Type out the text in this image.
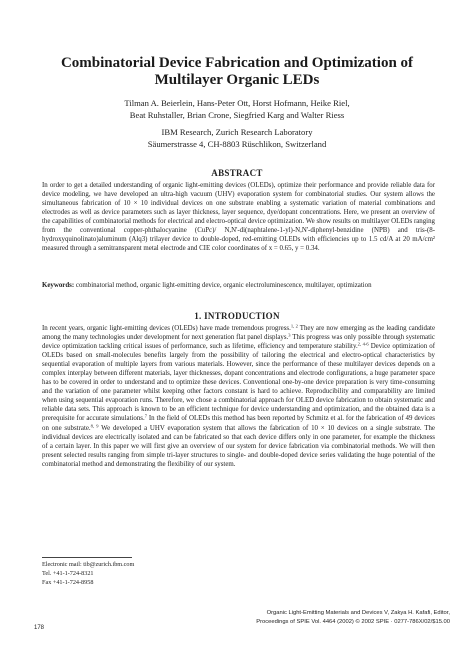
Combinatorial Device Fabrication and Optimization of
Multilayer Organic LEDs
Tilman A. Beierlein, Hans-Peter Ott, Horst Hofmann, Heike Riel,
Beat Ruhstaller, Brian Crone, Siegfried Karg and Walter Riess
IBM Research, Zurich Research Laboratory
Säumerstrasse 4, CH-8803 Rüschlikon, Switzerland
ABSTRACT
In order to get a detailed understanding of organic light-emitting devices (OLEDs), optimize their performance and provide reliable data for device modeling, we have developed an ultra-high vacuum (UHV) evaporation system for combinatorial studies. Our system allows the simultaneous fabrication of 10 × 10 individual devices on one substrate enabling a systematic variation of material combinations and electrodes as well as device parameters such as layer thickness, layer sequence, dye/dopant concentrations. Here, we present an overview of the capabilities of combinatorial methods for electrical and electro-optical device optimization. We show results on multilayer OLEDs ranging from the conventional copper-phthalocyanine (CuPc)/ N,N'-di(naphtalene-1-yl)-N,N'-diphenyl-benzidine (NPB) and tris-(8-hydroxyquinolinato)aluminum (Alq3) trilayer device to double-doped, red-emitting OLEDs with efficiencies up to 1.5 cd/A at 20 mA/cm² measured through a semitransparent metal electrode and CIE color coordinates of x = 0.65, y = 0.34.
Keywords: combinatorial method, organic light-emitting device, organic electroluminescence, multilayer, optimization
1. INTRODUCTION
In recent years, organic light-emitting devices (OLEDs) have made tremendous progress.$^{1, 2}$ They are now emerging as the leading candidate among the many technologies under development for next generation flat panel displays.$^3$ This progress was only possible through systematic device optimization tackling critical issues of performance, such as lifetime, efficiency and temperature stability.$^{2, 4-6}$ Device optimization of OLEDs based on small-molecules benefits largely from the possibility of tailoring the electrical and electro-optical characteristics by sequential evaporation of multiple layers from various materials. However, since the performance of these multilayer devices depends on a complex interplay between different materials, layer thicknesses, dopant concentrations and electrode configurations, a huge parameter space has to be covered in order to understand and to optimize these devices. Conventional one-by-one device preparation is very time-consuming and the variation of one parameter whilst keeping other factors constant is hard to achieve. Reproducibility and comparability are limited when using sequential evaporation runs. Therefore, we chose a combinatorial approach for OLED device fabrication to obtain systematic and reliable data sets. This approach is known to be an efficient technique for device understanding and optimization, and the obtained data is a prerequisite for accurate simulations.$^7$ In the field of OLEDs this method has been reported by Schmitz et al. for the fabrication of 49 devices on one substrate.$^{8, 9}$ We developed a UHV evaporation system that allows the fabrication of 10 × 10 devices on a single substrate. The individual devices are electrically isolated and can be fabricated so that each device differs only in one parameter, for example the thickness of a certain layer. In this paper we will first give an overview of our system for device fabrication via combinatorial methods. We will then present selected results ranging from simple tri-layer structures to single- and double-doped device series validating the huge potential of the combinatorial method and demonstrating the flexibility of our system.
Electronic mail: tib@zurich.ibm.com
Tel. +41-1-724-8321
Fax +41-1-724-8958
178
Organic Light-Emitting Materials and Devices V, Zakya H. Kafafi, Editor,
Proceedings of SPIE Vol. 4464 (2002) © 2002 SPIE · 0277-786X/02/$15.00
